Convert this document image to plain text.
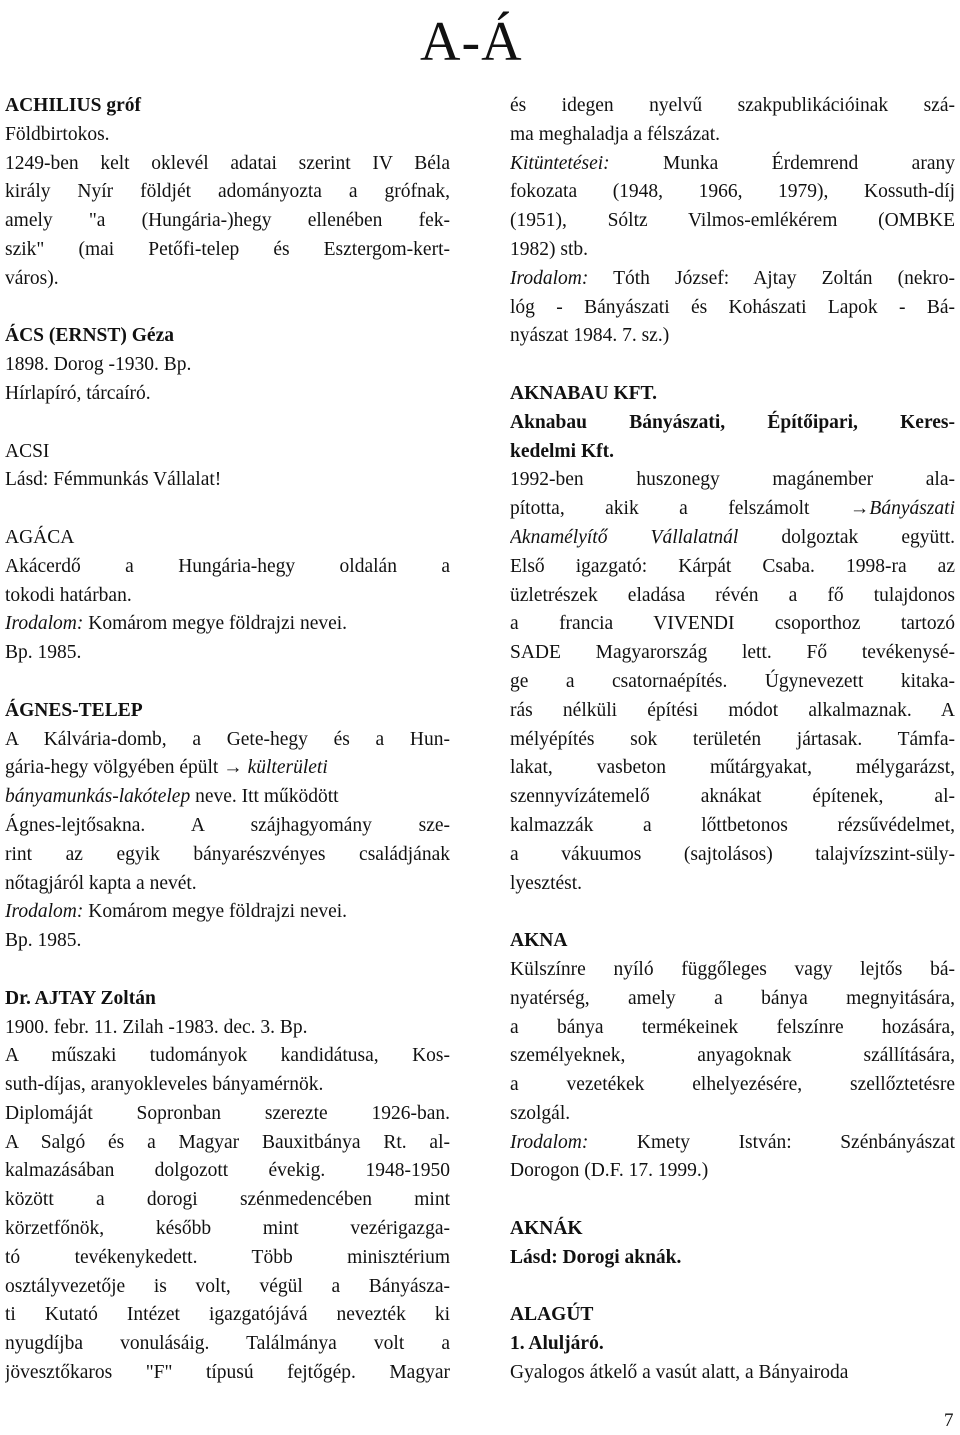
A-Á
ACHILIUS gróf
Földbirtokos.
1249-ben kelt oklevél adatai szerint IV Béla
király Nyír földjét adományozta a grófnak,
amely "a (Hungária-)hegy ellenében fek-
szik" (mai Petőfi-telep és Esztergom-kert-
város).
ÁCS (ERNST) Géza
1898. Dorog -1930. Bp.
Hírlapíró, tárcaíró.
ACSI
Lásd: Fémmunkás Vállalat!
AGÁCA
Akácerdő a Hungária-hegy oldalán a
tokodi határban.
Irodalom: Komárom megye földrajzi nevei.
Bp. 1985.
ÁGNES-TELEP
A Kálvária-domb, a Gete-hegy és a Hun-
gária-hegy völgyében épült → külterületi
bányamunkás-lakótelep neve. Itt működött
Ágnes-lejtősakna. A szájhagyomány sze-
rint az egyik bányarészvényes családjának
nőtagjáról kapta a nevét.
Irodalom: Komárom megye földrajzi nevei.
Bp. 1985.
Dr. AJTAY Zoltán
1900. febr. 11. Zilah -1983. dec. 3. Bp.
A műszaki tudományok kandidátusa, Kos-
suth-díjas, aranyokleveles bányamérnök.
Diplomáját Sopronban szerezte 1926-ban.
A Salgó és a Magyar Bauxitbánya Rt. al-
kalmazásában dolgozott évekig. 1948-1950
között a dorogi szénmedencében mint
körzetfőnök, később mint vezérigazga-
tó tevékenykedett. Több minisztérium
osztályvezetője is volt, végül a Bányásza-
ti Kutató Intézet igazgatójává nevezték ki
nyugdíjba vonulásáig. Találmánya volt a
jövesztőkaros "F" típusú fejtőgép. Magyar
és idegen nyelvű szakpublikációinak szá-
ma meghaladja a félszázat.
Kitüntetései: Munka Érdemrend arany
fokozata (1948, 1966, 1979), Kossuth-díj
(1951), Sóltz Vilmos-emlékérem (OMBKE
1982) stb.
Irodalom: Tóth József: Ajtay Zoltán (nekro-
lóg - Bányászati és Kohászati Lapok - Bá-
nyászat 1984. 7. sz.)
AKNABAU KFT.
Aknabau Bányászati, Építőipari, Keres-
kedelmi Kft.
1992-ben huszonegy magánember ala-
pította, akik a felszámolt →Bányászati
Aknamélyítő Vállalatnál dolgoztak együtt.
Első igazgató: Kárpát Csaba. 1998-ra az
üzletrészek eladása révén a fő tulajdonos
a francia VIVENDI csoporthoz tartozó
SADE Magyarország lett. Fő tevékenysé-
ge a csatornaépítés. Úgynevezett kitaka-
rás nélküli építési módot alkalmaznak. A
mélyépítés sok területén jártasak. Támfa-
lakat, vasbeton műtárgyakat, mélygarázst,
szennyvízátemelő aknákat építenek, al-
kalmazzák a lőttbetonos rézsűvédelmet,
a vákuumos (sajtolásos) talajvízszint-süly-
lyesztést.
AKNA
Külszínre nyíló függőleges vagy lejtős bá-
nyatérség, amely a bánya megnyitására,
a bánya termékeinek felszínre hozására,
személyeknek, anyagoknak szállítására,
a vezetékek elhelyezésére, szellőztetésre
szolgál.
Irodalom: Kmety István: Szénbányászat
Dorogon (D.F. 17. 1999.)
AKNÁK
Lásd: Dorogi aknák.
ALAGÚT
1. Aluljáró.
Gyalogos átkelő a vasút alatt, a Bányairoda
7
